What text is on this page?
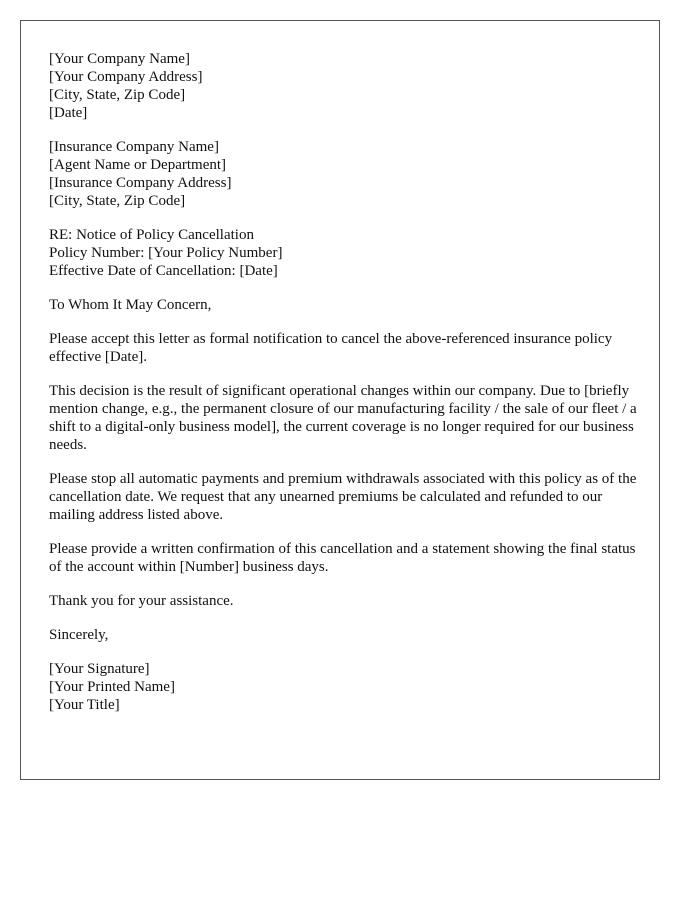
[Your Company Name]
[Your Company Address]
[City, State, Zip Code]
[Date]
[Insurance Company Name]
[Agent Name or Department]
[Insurance Company Address]
[City, State, Zip Code]
RE: Notice of Policy Cancellation
Policy Number: [Your Policy Number]
Effective Date of Cancellation: [Date]
To Whom It May Concern,
Please accept this letter as formal notification to cancel the above-referenced insurance policy effective [Date].
This decision is the result of significant operational changes within our company. Due to [briefly mention change, e.g., the permanent closure of our manufacturing facility / the sale of our fleet / a shift to a digital-only business model], the current coverage is no longer required for our business needs.
Please stop all automatic payments and premium withdrawals associated with this policy as of the cancellation date. We request that any unearned premiums be calculated and refunded to our mailing address listed above.
Please provide a written confirmation of this cancellation and a statement showing the final status of the account within [Number] business days.
Thank you for your assistance.
Sincerely,
[Your Signature]
[Your Printed Name]
[Your Title]
